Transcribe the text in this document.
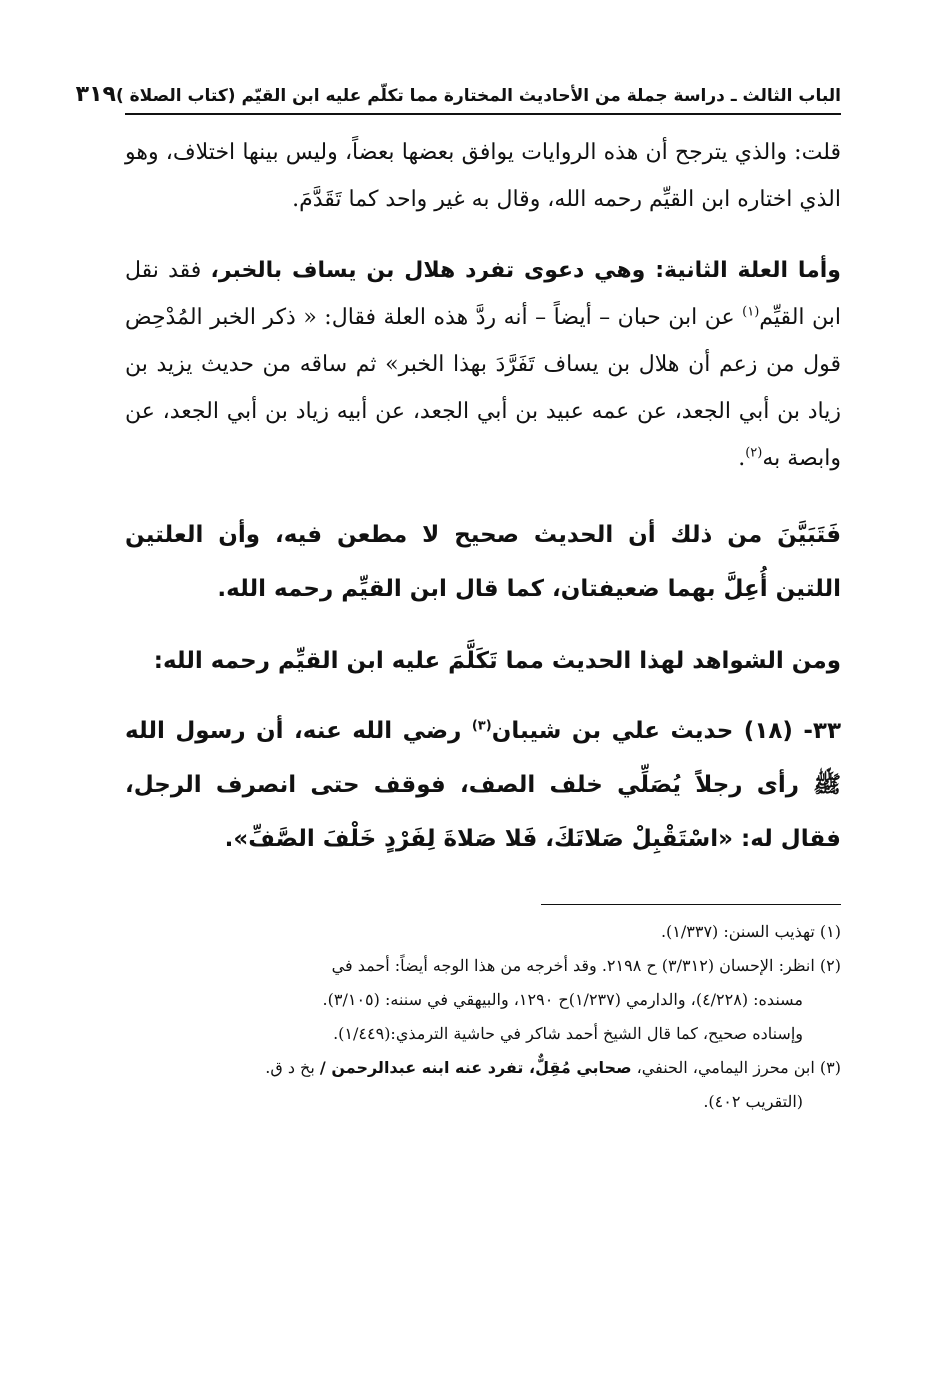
الباب الثالث ـ دراسة جملة من الأحاديث المختارة مما تكلّم عليه ابن القيّم (كتاب الصلاة )
٣١٩

قلت: والذي يترجح أن هذه الروايات يوافق بعضها بعضاً، وليس بينها اختلاف، وهو الذي اختاره ابن القيِّم رحمه الله، وقال به غير واحد كما تَقَدَّمَ.

وأما العلة الثانية: وهي دعوى تفرد هلال بن يساف بالخبر، فقد نقل ابن القيِّم$^{(١)}$ عن ابن حبان – أيضاً – أنه ردَّ هذه العلة فقال: « ذكر الخبر المُدْحِض قول من زعم أن هلال بن يساف تَفَرَّدَ بهذا الخبر» ثم ساقه من حديث يزيد بن زياد بن أبي الجعد، عن عمه عبيد بن أبي الجعد، عن أبيه زياد بن أبي الجعد، عن وابصة به$^{(٢)}$.

فَتَبَيَّنَ من ذلك أن الحديث صحيح لا مطعن فيه، وأن العلتين اللتين أُعِلَّ بهما ضعيفتان، كما قال ابن القيِّم رحمه الله.

ومن الشواهد لهذا الحديث مما تَكَلَّمَ عليه ابن القيِّم رحمه الله:

٣٣- (١٨) حديث علي بن شيبان$^{(٣)}$ رضي الله عنه، أن رسول الله ﷺ رأى رجلاً يُصَلِّي خلف الصف، فوقف حتى انصرف الرجل، فقال له: «اسْتَقْبِلْ صَلاتَكَ، فَلا صَلاةَ لِفَرْدٍ خَلْفَ الصَّفِّ».

(١) تهذيب السنن: (١/٣٣٧).

(٢) انظر: الإحسان (٣/٣١٢) ح ٢١٩٨. وقد أخرجه من هذا الوجه أيضاً: أحمد في
مسنده: (٤/٢٢٨)، والدارمي (١/٢٣٧)ح ١٢٩٠، والبيهقي في سننه: (٣/١٠٥).
وإسناده صحيح، كما قال الشيخ أحمد شاكر في حاشية الترمذي:(١/٤٤٩).

(٣) ابن محرز اليمامي، الحنفي، صحابي مُقِلٌّ، تفرد عنه ابنه عبدالرحمن / بخ د ق.
(التقريب ٤٠٢).
